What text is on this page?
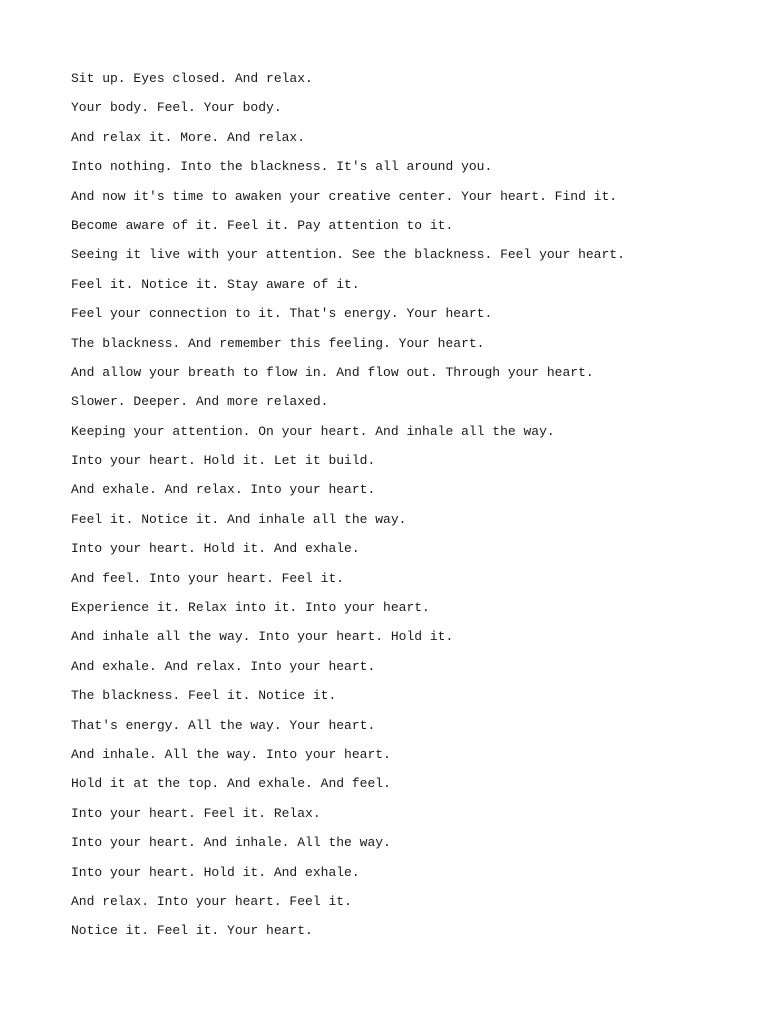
Sit up. Eyes closed. And relax.
Your body. Feel. Your body.
And relax it. More. And relax.
Into nothing. Into the blackness. It's all around you.
And now it's time to awaken your creative center. Your heart. Find it.
Become aware of it. Feel it. Pay attention to it.
Seeing it live with your attention. See the blackness. Feel your heart.
Feel it. Notice it. Stay aware of it.
Feel your connection to it. That's energy. Your heart.
The blackness. And remember this feeling. Your heart.
And allow your breath to flow in. And flow out. Through your heart.
Slower. Deeper. And more relaxed.
Keeping your attention. On your heart. And inhale all the way.
Into your heart. Hold it. Let it build.
And exhale. And relax. Into your heart.
Feel it. Notice it. And inhale all the way.
Into your heart. Hold it. And exhale.
And feel. Into your heart. Feel it.
Experience it. Relax into it. Into your heart.
And inhale all the way. Into your heart. Hold it.
And exhale. And relax. Into your heart.
The blackness. Feel it. Notice it.
That's energy. All the way. Your heart.
And inhale. All the way. Into your heart.
Hold it at the top. And exhale. And feel.
Into your heart. Feel it. Relax.
Into your heart. And inhale. All the way.
Into your heart. Hold it. And exhale.
And relax. Into your heart. Feel it.
Notice it. Feel it. Your heart.
